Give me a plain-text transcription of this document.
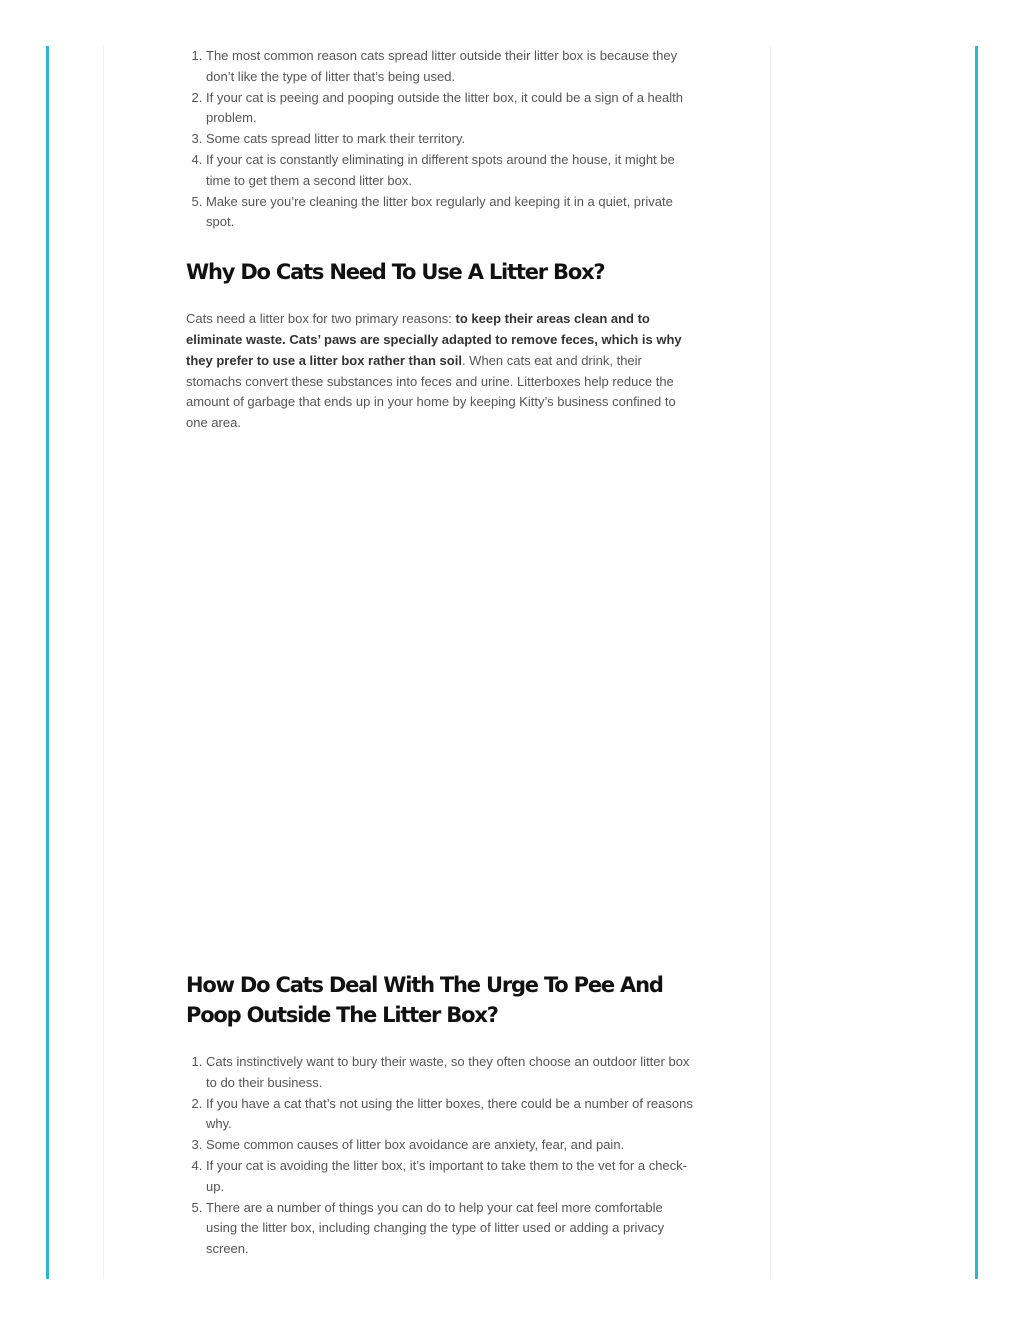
1. The most common reason cats spread litter outside their litter box is because they don’t like the type of litter that’s being used.
2. If your cat is peeing and pooping outside the litter box, it could be a sign of a health problem.
3. Some cats spread litter to mark their territory.
4. If your cat is constantly eliminating in different spots around the house, it might be time to get them a second litter box.
5. Make sure you’re cleaning the litter box regularly and keeping it in a quiet, private spot.
Why Do Cats Need To Use A Litter Box?

Cats need a litter box for two primary reasons: to keep their areas clean and to eliminate waste. Cats’ paws are specially adapted to remove feces, which is why they prefer to use a litter box rather than soil. When cats eat and drink, their stomachs convert these substances into feces and urine. Litterboxes help reduce the amount of garbage that ends up in your home by keeping Kitty’s business confined to one area.

How Do Cats Deal With The Urge To Pee And Poop Outside The Litter Box?
1. Cats instinctively want to bury their waste, so they often choose an outdoor litter box to do their business.
2. If you have a cat that’s not using the litter boxes, there could be a number of reasons why.
3. Some common causes of litter box avoidance are anxiety, fear, and pain.
4. If your cat is avoiding the litter box, it’s important to take them to the vet for a check-up.
5. There are a number of things you can do to help your cat feel more comfortable using the litter box, including changing the type of litter used or adding a privacy screen.
